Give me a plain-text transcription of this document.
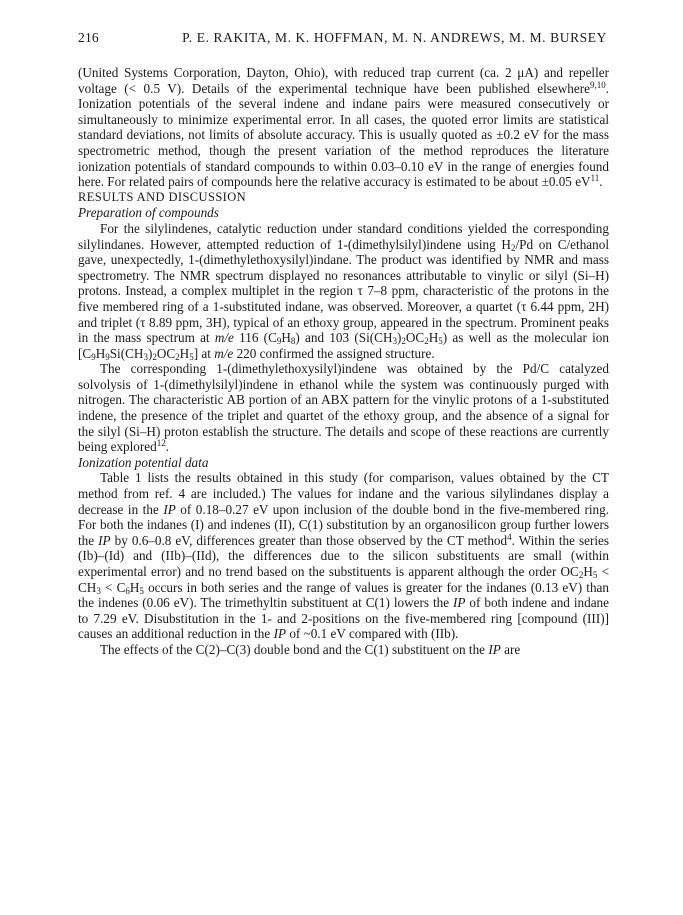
216	P. E. RAKITA, M. K. HOFFMAN, M. N. ANDREWS, M. M. BURSEY

(United Systems Corporation, Dayton, Ohio), with reduced trap current (ca. 2 μA) and repeller voltage (< 0.5 V). Details of the experimental technique have been published elsewhere$^{9,10}$. Ionization potentials of the several indene and indane pairs were measured consecutively or simultaneously to minimize experimental error. In all cases, the quoted error limits are statistical standard deviations, not limits of absolute accuracy. This is usually quoted as ±0.2 eV for the mass spectrometric method, though the present variation of the method reproduces the literature ionization potentials of standard compounds to within 0.03–0.10 eV in the range of energies found here. For related pairs of compounds here the relative accuracy is estimated to be about ±0.05 $eV^{11}$.

RESULTS AND DISCUSSION

Preparation of compounds

For the silylindenes, catalytic reduction under standard conditions yielded the corresponding silylindanes. However, attempted reduction of 1-(dimethylsilyl)indene using $H_2/Pd$ on C/ethanol gave, unexpectedly, 1-(dimethylethoxysilyl)indane. The product was identified by NMR and mass spectrometry. The NMR spectrum displayed no resonances attributable to vinylic or silyl (Si–H) protons. Instead, a complex multiplet in the region τ 7–8 ppm, characteristic of the protons in the five membered ring of a 1-substituted indane, was observed. Moreover, a quartet (τ 6.44 ppm, 2H) and triplet (τ 8.89 ppm, 3H), typical of an ethoxy group, appeared in the spectrum. Prominent peaks in the mass spectrum at m/e 116 $(C_9H_8)$ and 103 $(Si(CH_3)_2OC_2H_5)$ as well as the molecular ion $[C_9H_9Si(CH_3)_2OC_2H_5]$ at m/e 220 confirmed the assigned structure.

The corresponding 1-(dimethylethoxysilyl)indene was obtained by the Pd/C catalyzed solvolysis of 1-(dimethylsilyl)indene in ethanol while the system was continuously purged with nitrogen. The characteristic AB portion of an ABX pattern for the vinylic protons of a 1-substituted indene, the presence of the triplet and quartet of the ethoxy group, and the absence of a signal for the silyl (Si–H) proton establish the structure. The details and scope of these reactions are currently being explored$^{12}$.

Ionization potential data

Table 1 lists the results obtained in this study (for comparison, values obtained by the CT method from ref. 4 are included.) The values for indane and the various silylindanes display a decrease in the IP of 0.18–0.27 eV upon inclusion of the double bond in the five-membered ring. For both the indanes (I) and indenes (II), C(1) substitution by an organosilicon group further lowers the IP by 0.6–0.8 eV, differences greater than those observed by the CT method$^4$. Within the series (Ib)–(Id) and (IIb)–(IId), the differences due to the silicon substituents are small (within experimental error) and no trend based on the substituents is apparent although the order $OC_2H_5 < CH_3 < C_6H_5$ occurs in both series and the range of values is greater for the indanes (0.13 eV) than the indenes (0.06 eV). The trimethyltin substituent at C(1) lowers the IP of both indene and indane to 7.29 eV. Disubstitution in the 1- and 2-positions on the five-membered ring [compound (III)] causes an additional reduction in the IP of ~0.1 eV compared with (IIb).

The effects of the C(2)–C(3) double bond and the C(1) substituent on the IP are
